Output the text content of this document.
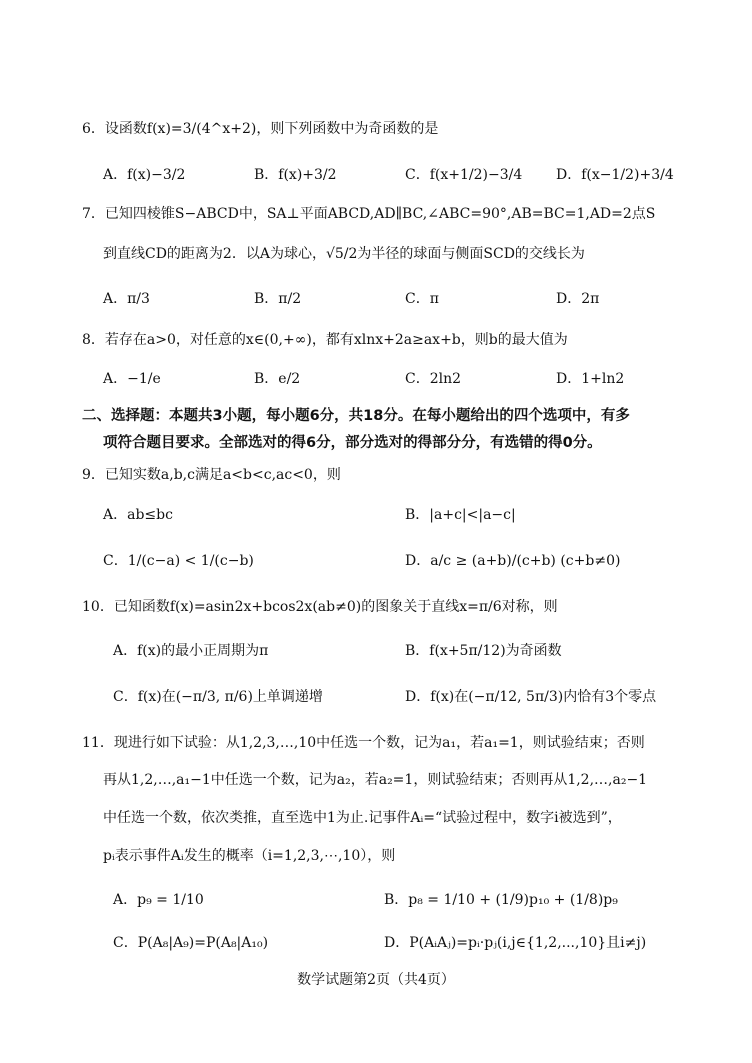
6．设函数f(x)=3/(4^x+2)，则下列函数中为奇函数的是
A．f(x)−3/2	B．f(x)+3/2	C．f(x+1/2)−3/4 D．f(x−1/2)+3/4
7．已知四棱锥S−ABCD中，SA⊥平面ABCD,AD∥BC,∠ABC=90°,AB=BC=1,AD=2点S
到直线CD的距离为2．以A为球心，√5/2为半径的球面与侧面SCD的交线长为
A．π/3	B．π/2	C．π	D．2π
8．若存在a>0，对任意的x∈(0,+∞)，都有xlnx+2a≥ax+b，则b的最大值为
A．−1/e	B．e/2	C．2ln2	D．1+ln2
二、选择题：本题共3小题，每小题6分，共18分。在每小题给出的四个选项中，有多
项符合题目要求。全部选对的得6分，部分选对的得部分分，有选错的得0分。
9．已知实数a,b,c满足a<b<c,ac<0，则
A．ab≤bc	B．|a+c|<|a−c|
C．1/(c−a) < 1/(c−b)	D．a/c ≥ (a+b)/(c+b) (c+b≠0)
10．已知函数f(x)=asin2x+bcos2x(ab≠0)的图象关于直线x=π/6对称，则
A．f(x)的最小正周期为π	B．f(x+5π/12)为奇函数
C．f(x)在(−π/3, π/6)上单调递增	D．f(x)在(−π/12, 5π/3)内恰有3个零点
11．现进行如下试验：从1,2,3,…,10中任选一个数，记为a₁，若a₁=1，则试验结束；否则
再从1,2,…,a₁−1中任选一个数，记为a₂，若a₂=1，则试验结束；否则再从1,2,…,a₂−1
中任选一个数，依次类推，直至选中1为止.记事件Aᵢ=“试验过程中，数字i被选到”，
pᵢ表示事件Aᵢ发生的概率（i=1,2,3,⋯,10），则
A．p₉ = 1/10	B．p₈ = 1/10 + (1/9)p₁₀ + (1/8)p₉
C．P(A₈|A₉)=P(A₈|A₁₀)	D．P(AᵢAⱼ)=pᵢ·pⱼ(i,j∈{1,2,...,10}且i≠j)
数学试题第2页（共4页）
